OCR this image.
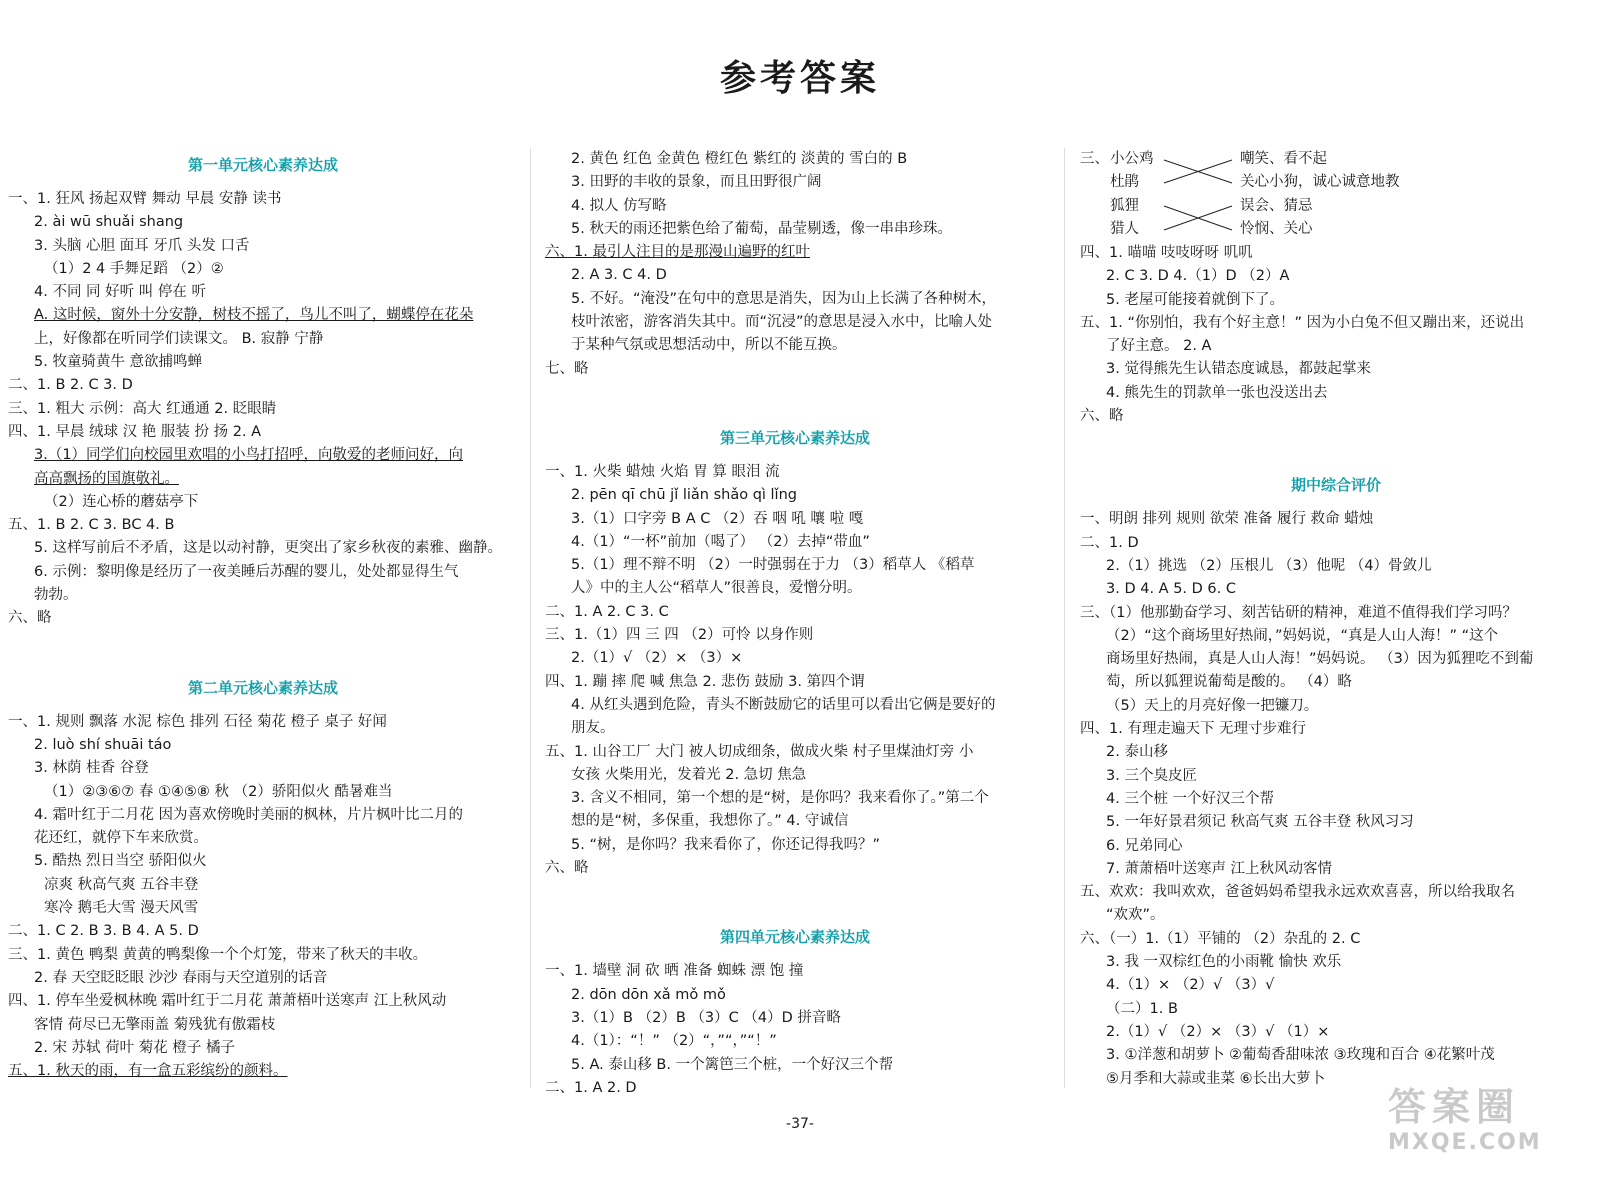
参考答案
第一单元核心素养达成
一、1. 狂风 扬起双臂 舞动 早晨 安静 读书
2. ài wū shuǎi shang
3. 头脑 心胆 面耳 牙爪 头发 口舌
（1）2 4 手舞足蹈 （2）②
4. 不同 同 好听 叫 停在 听
A. 这时候，窗外十分安静，树枝不摇了，鸟儿不叫了，蝴蝶停在花朵
上，好像都在听同学们读课文。 B. 寂静 宁静
5. 牧童骑黄牛 意欲捕鸣蝉
二、1. B 2. C 3. D
三、1. 粗大 示例：高大 红通通 2. 眨眼睛
四、1. 早晨 绒球 汉 艳 服装 扮 扬 2. A
3.（1）同学们向校园里欢唱的小鸟打招呼，向敬爱的老师问好，向
高高飘扬的国旗敬礼。
（2）连心桥的蘑菇亭下
五、1. B 2. C 3. BC 4. B
5. 这样写前后不矛盾，这是以动衬静，更突出了家乡秋夜的素雅、幽静。
6. 示例：黎明像是经历了一夜美睡后苏醒的婴儿，处处都显得生气
勃勃。
六、略
第二单元核心素养达成
一、1. 规则 飘落 水泥 棕色 排列 石径 菊花 橙子 桌子 好闻
2. luò shí shuāi táo
3. 林荫 桂香 谷登
（1）②③⑥⑦ 春 ①④⑤⑧ 秋 （2）骄阳似火 酷暑难当
4. 霜叶红于二月花 因为喜欢傍晚时美丽的枫林，片片枫叶比二月的
花还红，就停下车来欣赏。
5. 酷热 烈日当空 骄阳似火
凉爽 秋高气爽 五谷丰登
寒冷 鹅毛大雪 漫天风雪
二、1. C 2. B 3. B 4. A 5. D
三、1. 黄色 鸭梨 黄黄的鸭梨像一个个灯笼，带来了秋天的丰收。
2. 春 天空眨眨眼 沙沙 春雨与天空道别的话音
四、1. 停车坐爱枫林晚 霜叶红于二月花 萧萧梧叶送寒声 江上秋风动
客情 荷尽已无擎雨盖 菊残犹有傲霜枝
2. 宋 苏轼 荷叶 菊花 橙子 橘子
五、1. 秋天的雨，有一盒五彩缤纷的颜料。
2. 黄色 红色 金黄色 橙红色 紫红的 淡黄的 雪白的 B
3. 田野的丰收的景象，而且田野很广阔
4. 拟人 仿写略
5. 秋天的雨还把紫色给了葡萄，晶莹剔透，像一串串珍珠。
六、1. 最引人注目的是那漫山遍野的红叶
2. A 3. C 4. D
5. 不好。“淹没”在句中的意思是消失，因为山上长满了各种树木，
枝叶浓密，游客消失其中。而“沉浸”的意思是浸入水中，比喻人处
于某种气氛或思想活动中，所以不能互换。
七、略
第三单元核心素养达成
一、1. 火柴 蜡烛 火焰 胃 算 眼泪 流
2. pēn qī chū jǐ liǎn shǎo qì lǐng
3.（1）口字旁 B A C （2）吞 咽 吼 嚷 啦 嘎
4.（1）“一杯”前加（喝了） （2）去掉“带血”
5.（1）理不辩不明 （2）一时强弱在于力 （3）稻草人 《稻草
人》中的主人公“稻草人”很善良，爱憎分明。
二、1. A 2. C 3. C
三、1.（1）四 三 四 （2）可怜 以身作则
2.（1）√ （2）× （3）×
四、1. 蹦 摔 爬 喊 焦急 2. 悲伤 鼓励 3. 第四个谓
4. 从红头遇到危险，青头不断鼓励它的话里可以看出它俩是要好的
朋友。
五、1. 山谷工厂 大门 被人切成细条，做成火柴 村子里煤油灯旁 小
女孩 火柴用光，发着光 2. 急切 焦急
3. 含义不相同，第一个想的是“树，是你吗？我来看你了。”第二个
想的是“树，多保重，我想你了。” 4. 守诚信
5. “树，是你吗？我来看你了，你还记得我吗？”
六、略
第四单元核心素养达成
一、1. 墙壁 洞 砍 晒 准备 蜘蛛 漂 饱 撞
2. dōn dōn xǎ mǒ mǒ
3.（1）B （2）B （3）C （4）D 拼音略
4.（1）：“！” （2）“，”“，”“！”
5. A. 泰山移 B. 一个篱笆三个桩，一个好汉三个帮
二、1. A 2. D
三、 小公鸡
杜鹃
狐狸
猎人
嘲笑、看不起
关心小狗，诚心诚意地教
误会、猜忌
怜悯、关心
四、1. 喵喵 吱吱呀呀 叽叽
2. C 3. D 4.（1）D （2）A
5. 老屋可能接着就倒下了。
五、1. “你别怕，我有个好主意！” 因为小白兔不但又蹦出来，还说出
了好主意。 2. A
3. 觉得熊先生认错态度诚恳，都鼓起掌来
4. 熊先生的罚款单一张也没送出去
六、略
期中综合评价
一、明朗 排列 规则 欲荣 准备 履行 救命 蜡烛
二、1. D
2.（1）挑选 （2）压根儿 （3）他呢 （4）骨敛儿
3. D 4. A 5. D 6. C
三、（1）他那勤奋学习、刻苦钻研的精神，难道不值得我们学习吗？
（2）“这个商场里好热闹，”妈妈说，“真是人山人海！” “这个
商场里好热闹，真是人山人海！”妈妈说。 （3）因为狐狸吃不到葡
萄，所以狐狸说葡萄是酸的。 （4）略
（5）天上的月亮好像一把镰刀。
四、1. 有理走遍天下 无理寸步难行
2. 泰山移
3. 三个臭皮匠
4. 三个桩 一个好汉三个帮
5. 一年好景君须记 秋高气爽 五谷丰登 秋风习习
6. 兄弟同心
7. 萧萧梧叶送寒声 江上秋风动客情
五、欢欢：我叫欢欢，爸爸妈妈希望我永远欢欢喜喜，所以给我取名
“欢欢”。
六、（一）1.（1）平铺的 （2）杂乱的 2. C
3. 我 一双棕红色的小雨靴 愉快 欢乐
4.（1）× （2）√ （3）√
（二）1. B
2.（1）√ （2）× （3）√ （1）×
3. ①洋葱和胡萝卜 ②葡萄香甜味浓 ③玫瑰和百合 ④花繁叶茂
⑤月季和大蒜或韭菜 ⑥长出大萝卜
-37-	答案圈
MXQE.COM
